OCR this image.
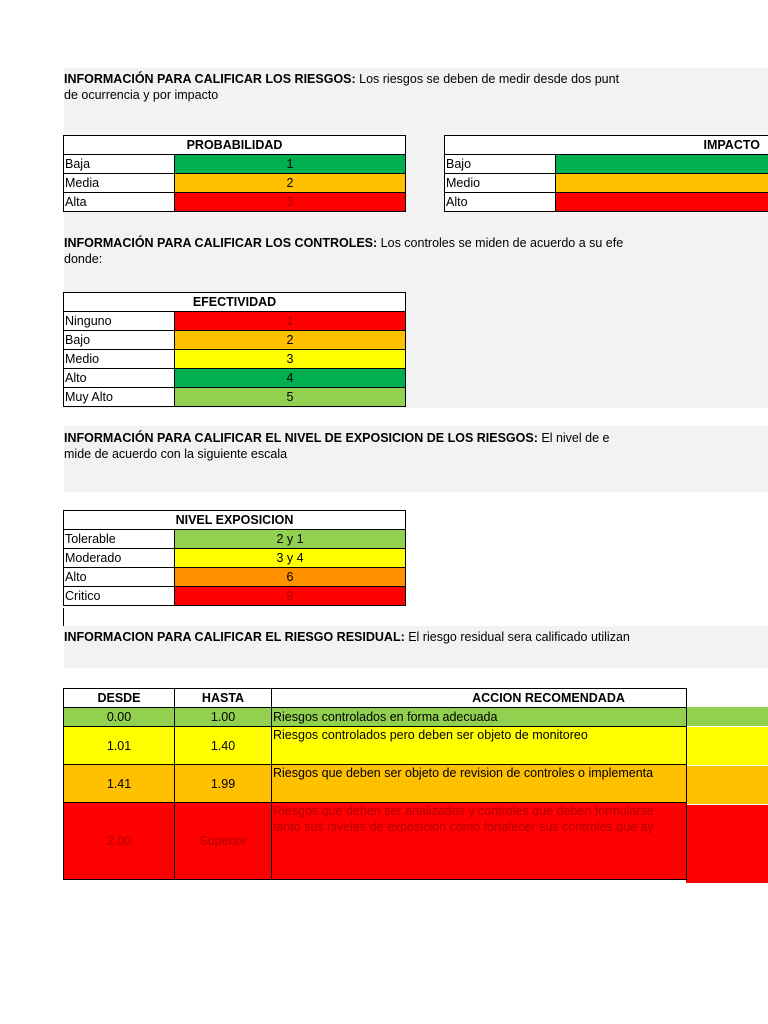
INFORMACIÓN PARA CALIFICAR LOS RIESGOS: Los riesgos se deben de medir desde dos punt
de ocurrencia y por impacto
PROBABILIDAD	
Baja	1
Media	2
Alta	3
IMPACTO	
Bajo	
Medio	
Alto	
INFORMACIÓN PARA CALIFICAR LOS CONTROLES: Los controles se miden de acuerdo a su efe
donde:
EFECTIVIDAD	
Ninguno	1
Bajo	2
Medio	3
Alto	4
Muy Alto	5
INFORMACIÓN PARA CALIFICAR EL NIVEL DE EXPOSICION DE LOS RIESGOS: El nivel de e
mide de acuerdo con la siguiente escala
NIVEL EXPOSICION	
Tolerable	2 y 1
Moderado	3 y 4
Alto	6
Critico	9
INFORMACION PARA CALIFICAR EL RIESGO RESIDUAL: El riesgo residual sera calificado utilizan
DESDE	HASTA	ACCION RECOMENDADA
0.00	1.00	Riesgos controlados en forma adecuada
1.01	1.40	Riesgos controlados pero deben ser objeto de monitoreo
1.41	1.99	Riesgos que deben ser objeto de revision de controles o implementa
2.00	Superior	Riesgos que deben ser analizados y controles que deben formularse
tanto sus niveles de exposicion como fortalecer sus controles que ay
